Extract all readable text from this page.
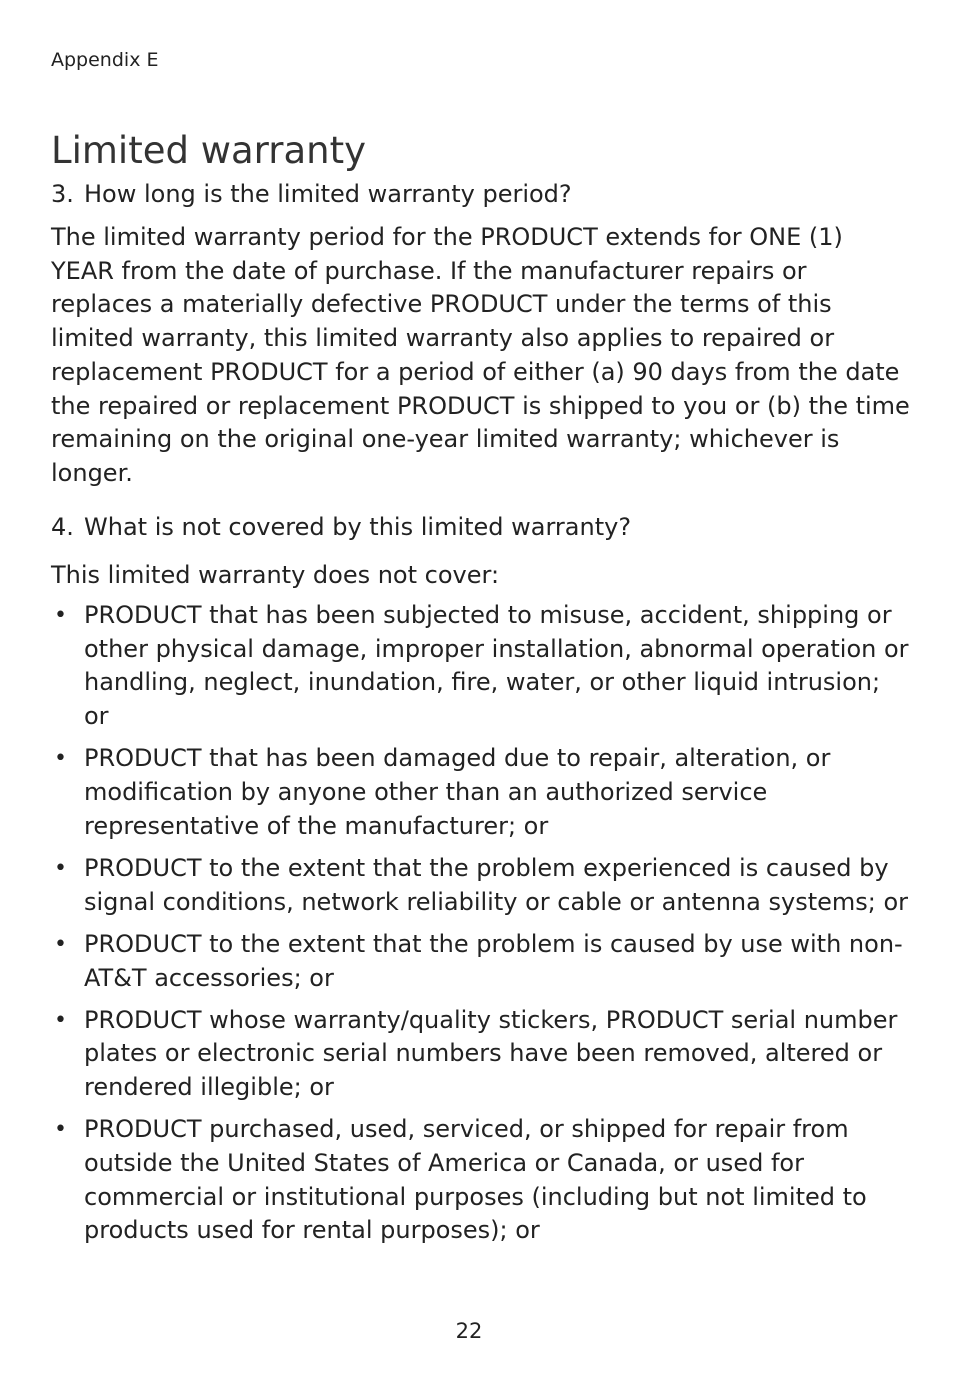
Appendix E
Limited warranty
3. How long is the limited warranty period?

The limited warranty period for the PRODUCT extends for ONE (1) YEAR from the date of purchase. If the manufacturer repairs or replaces a materially defective PRODUCT under the terms of this limited warranty, this limited warranty also applies to repaired or replacement PRODUCT for a period of either (a) 90 days from the date the repaired or replacement PRODUCT is shipped to you or (b) the time remaining on the original one-year limited warranty; whichever is longer.

4. What is not covered by this limited warranty?

This limited warranty does not cover:

• PRODUCT that has been subjected to misuse, accident, shipping or other physical damage, improper installation, abnormal operation or handling, neglect, inundation, fire, water, or other liquid intrusion; or
• PRODUCT that has been damaged due to repair, alteration, or modification by anyone other than an authorized service representative of the manufacturer; or
• PRODUCT to the extent that the problem experienced is caused by signal conditions, network reliability or cable or antenna systems; or
• PRODUCT to the extent that the problem is caused by use with non-AT&T accessories; or
• PRODUCT whose warranty/quality stickers, PRODUCT serial number plates or electronic serial numbers have been removed, altered or rendered illegible; or
• PRODUCT purchased, used, serviced, or shipped for repair from outside the United States of America or Canada, or used for commercial or institutional purposes (including but not limited to products used for rental purposes); or
22
